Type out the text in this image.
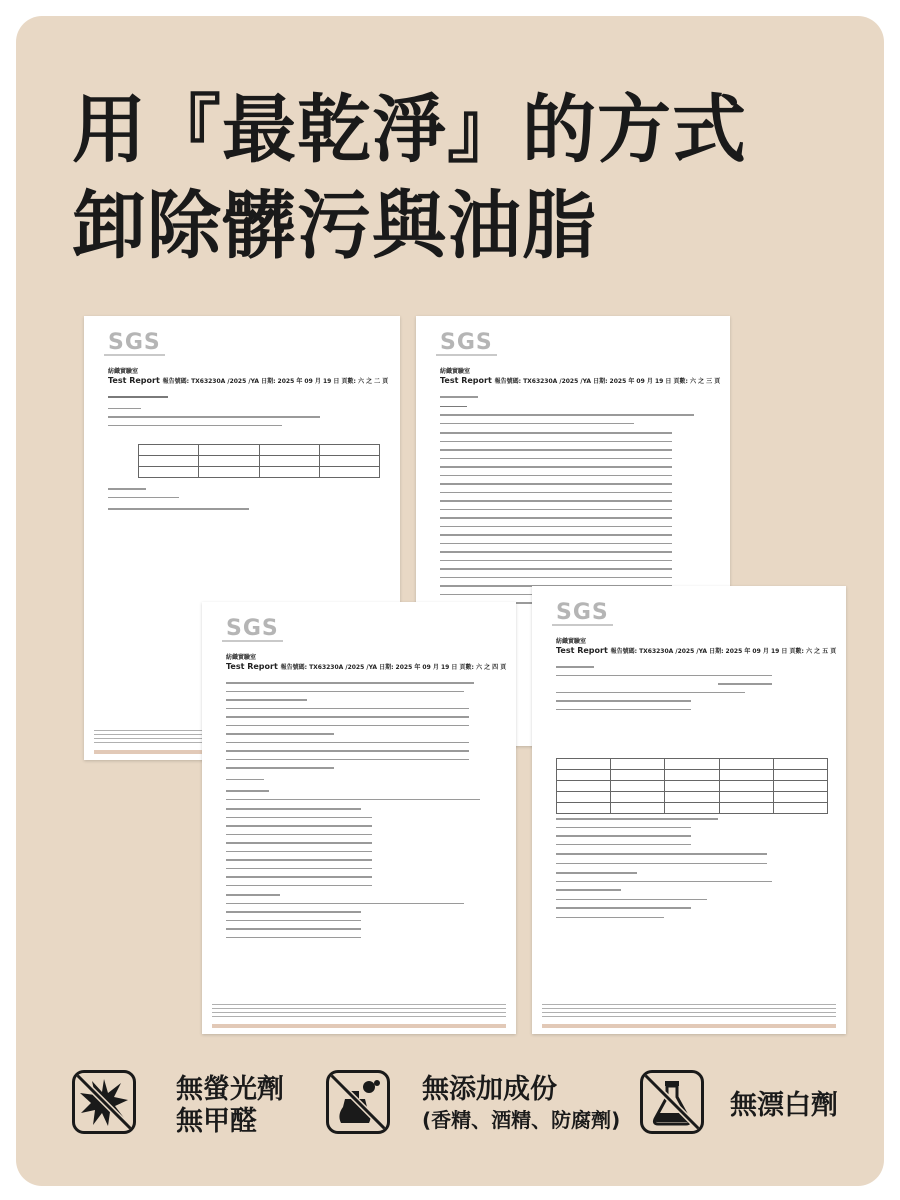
用『最乾淨』的方式
卸除髒污與油脂
SGS
紡織實驗室
Test Report 報告號碼: TX63230A /2025 /YA 日期: 2025 年 09 月 19 日 頁數: 六 之 二 頁
SGS
紡織實驗室
Test Report 報告號碼: TX63230A /2025 /YA 日期: 2025 年 09 月 19 日 頁數: 六 之 三 頁
SGS
紡織實驗室
Test Report 報告號碼: TX63230A /2025 /YA 日期: 2025 年 09 月 19 日 頁數: 六 之 四 頁
SGS
紡織實驗室
Test Report 報告號碼: TX63230A /2025 /YA 日期: 2025 年 09 月 19 日 頁數: 六 之 五 頁
無螢光劑
無甲醛
無添加成份
(香精、酒精、防腐劑)	無漂白劑
